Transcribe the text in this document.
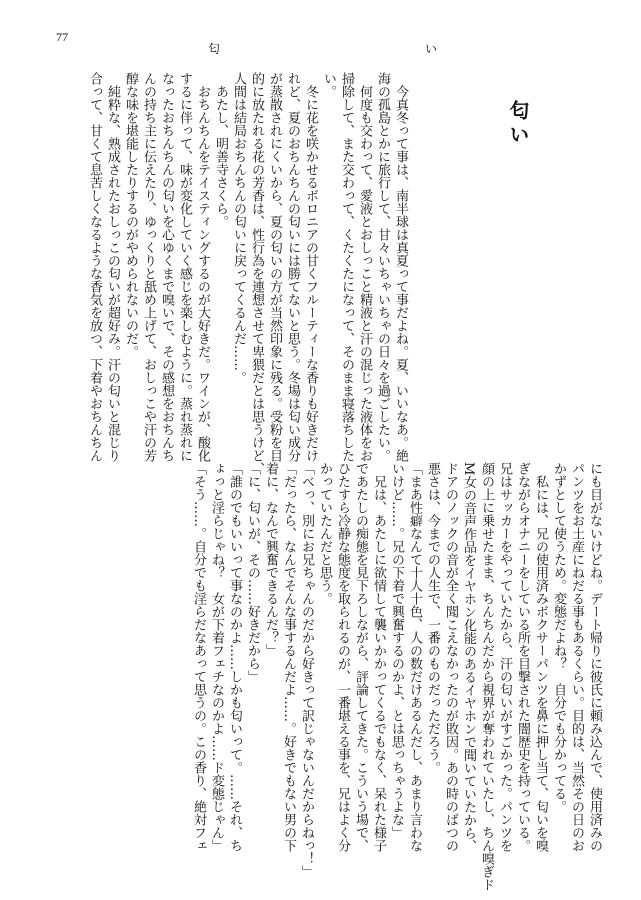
77
匂	い
匂い
　今真冬って事は、南半球は真夏って事だよね。夏、いいなあ。絶
海の孤島とかに旅行して、甘々いちゃいちゃの日々を過ごしたい。
　何度も交わって、愛液とおしっこと精液と汗の混じった液体をお
掃除して、また交わって、くたくたになって、そのまま寝落ちした
い。
　冬に花を咲かせるボロニアの甘くフルーティーな香りも好きだけ
れど、夏のおちんちんの匂いには勝てないと思う。冬場は匂い成分
が蒸散されにくいから、夏の匂いの方が当然印象に残る。受粉を目
的に放たれる花の芳香は、性行為を連想させて卑猥だとは思うけど、
人間は結局おちんちんの匂いに戻ってくるんだ……。
　あたし、明善寺さくら。
　おちんちんをテイスティングするのが大好きだ。ワインが、酸化
するに伴って、味が変化していく感じを楽しむように。蒸れ蒸れに
なったおちんちんの匂いを心ゆくまで嗅いで、その感想をおちんち
んの持ち主に伝えたり、ゆっくりと舐め上げて、おしっこや汗の芳
醇な味を堪能したりするのがやめられないのだ。
　純粋な、熟成されたおしっこの匂いが超好み。汗の匂いと混じり
合って、甘くて息苦しくなるような香気を放つ、下着やおちんちん
にも目がないけどね。デート帰りに彼氏に頼み込んで、使用済みの
パンツをお土産にねだる事もあるくらい。目的は、当然その日のお
かずとして使うため。変態だよね？　自分でも分かってる。
　私には、兄の使用済みボクサーパンツを鼻に押し当て、匂いを嗅
ぎながらオナニーをしている所を目撃された闇歴史を持っている。
兄はサッカーをやっていたから、汗の匂いがすごかった。パンツを
顔の上に乗せたまま、ちんちんだから視界が奪われていたし、ちん嗅ぎド
M女の音声作品をイヤホン化能のあるイヤホンで聞いていたから、
ドアのノックの音が全く聞こえなかったのが敗因。あの時のばつの
悪さは、今までの人生で、一番のものだっただろう。
「まあ性癖なんて十人十色、人の数だけあるんだし、あまり言わな
いけど……。兄の下着で興奮するのかよ、とは思っちゃうよな」
　兄は、あたしに欲情して襲いかかってくるでもなく、呆れた様子
であたしの痴態を見下ろしながら、評論してきた。こういう場で、
ひたすら冷静な態度を取られるのが、一番堪える事を、兄はよく分
かっていたんだと思う。
「べっ、別にお兄ちゃんのだから好きって訳じゃないんだからねっ！」
「だったら、なんでそんな事するんだよ……。好きでもない男の下
着に、なんで興奮できるんだ？」
「に、匂いが、その……好きだから」
「誰のでもいいって事なのかよ……しかも匂いって。……それ、ち
ょっと淫らじゃね？　女が下着フェチなのかよ……ド変態じゃん」
「そう……。自分でも淫らだなあって思うの。この香り、絶対フェ
